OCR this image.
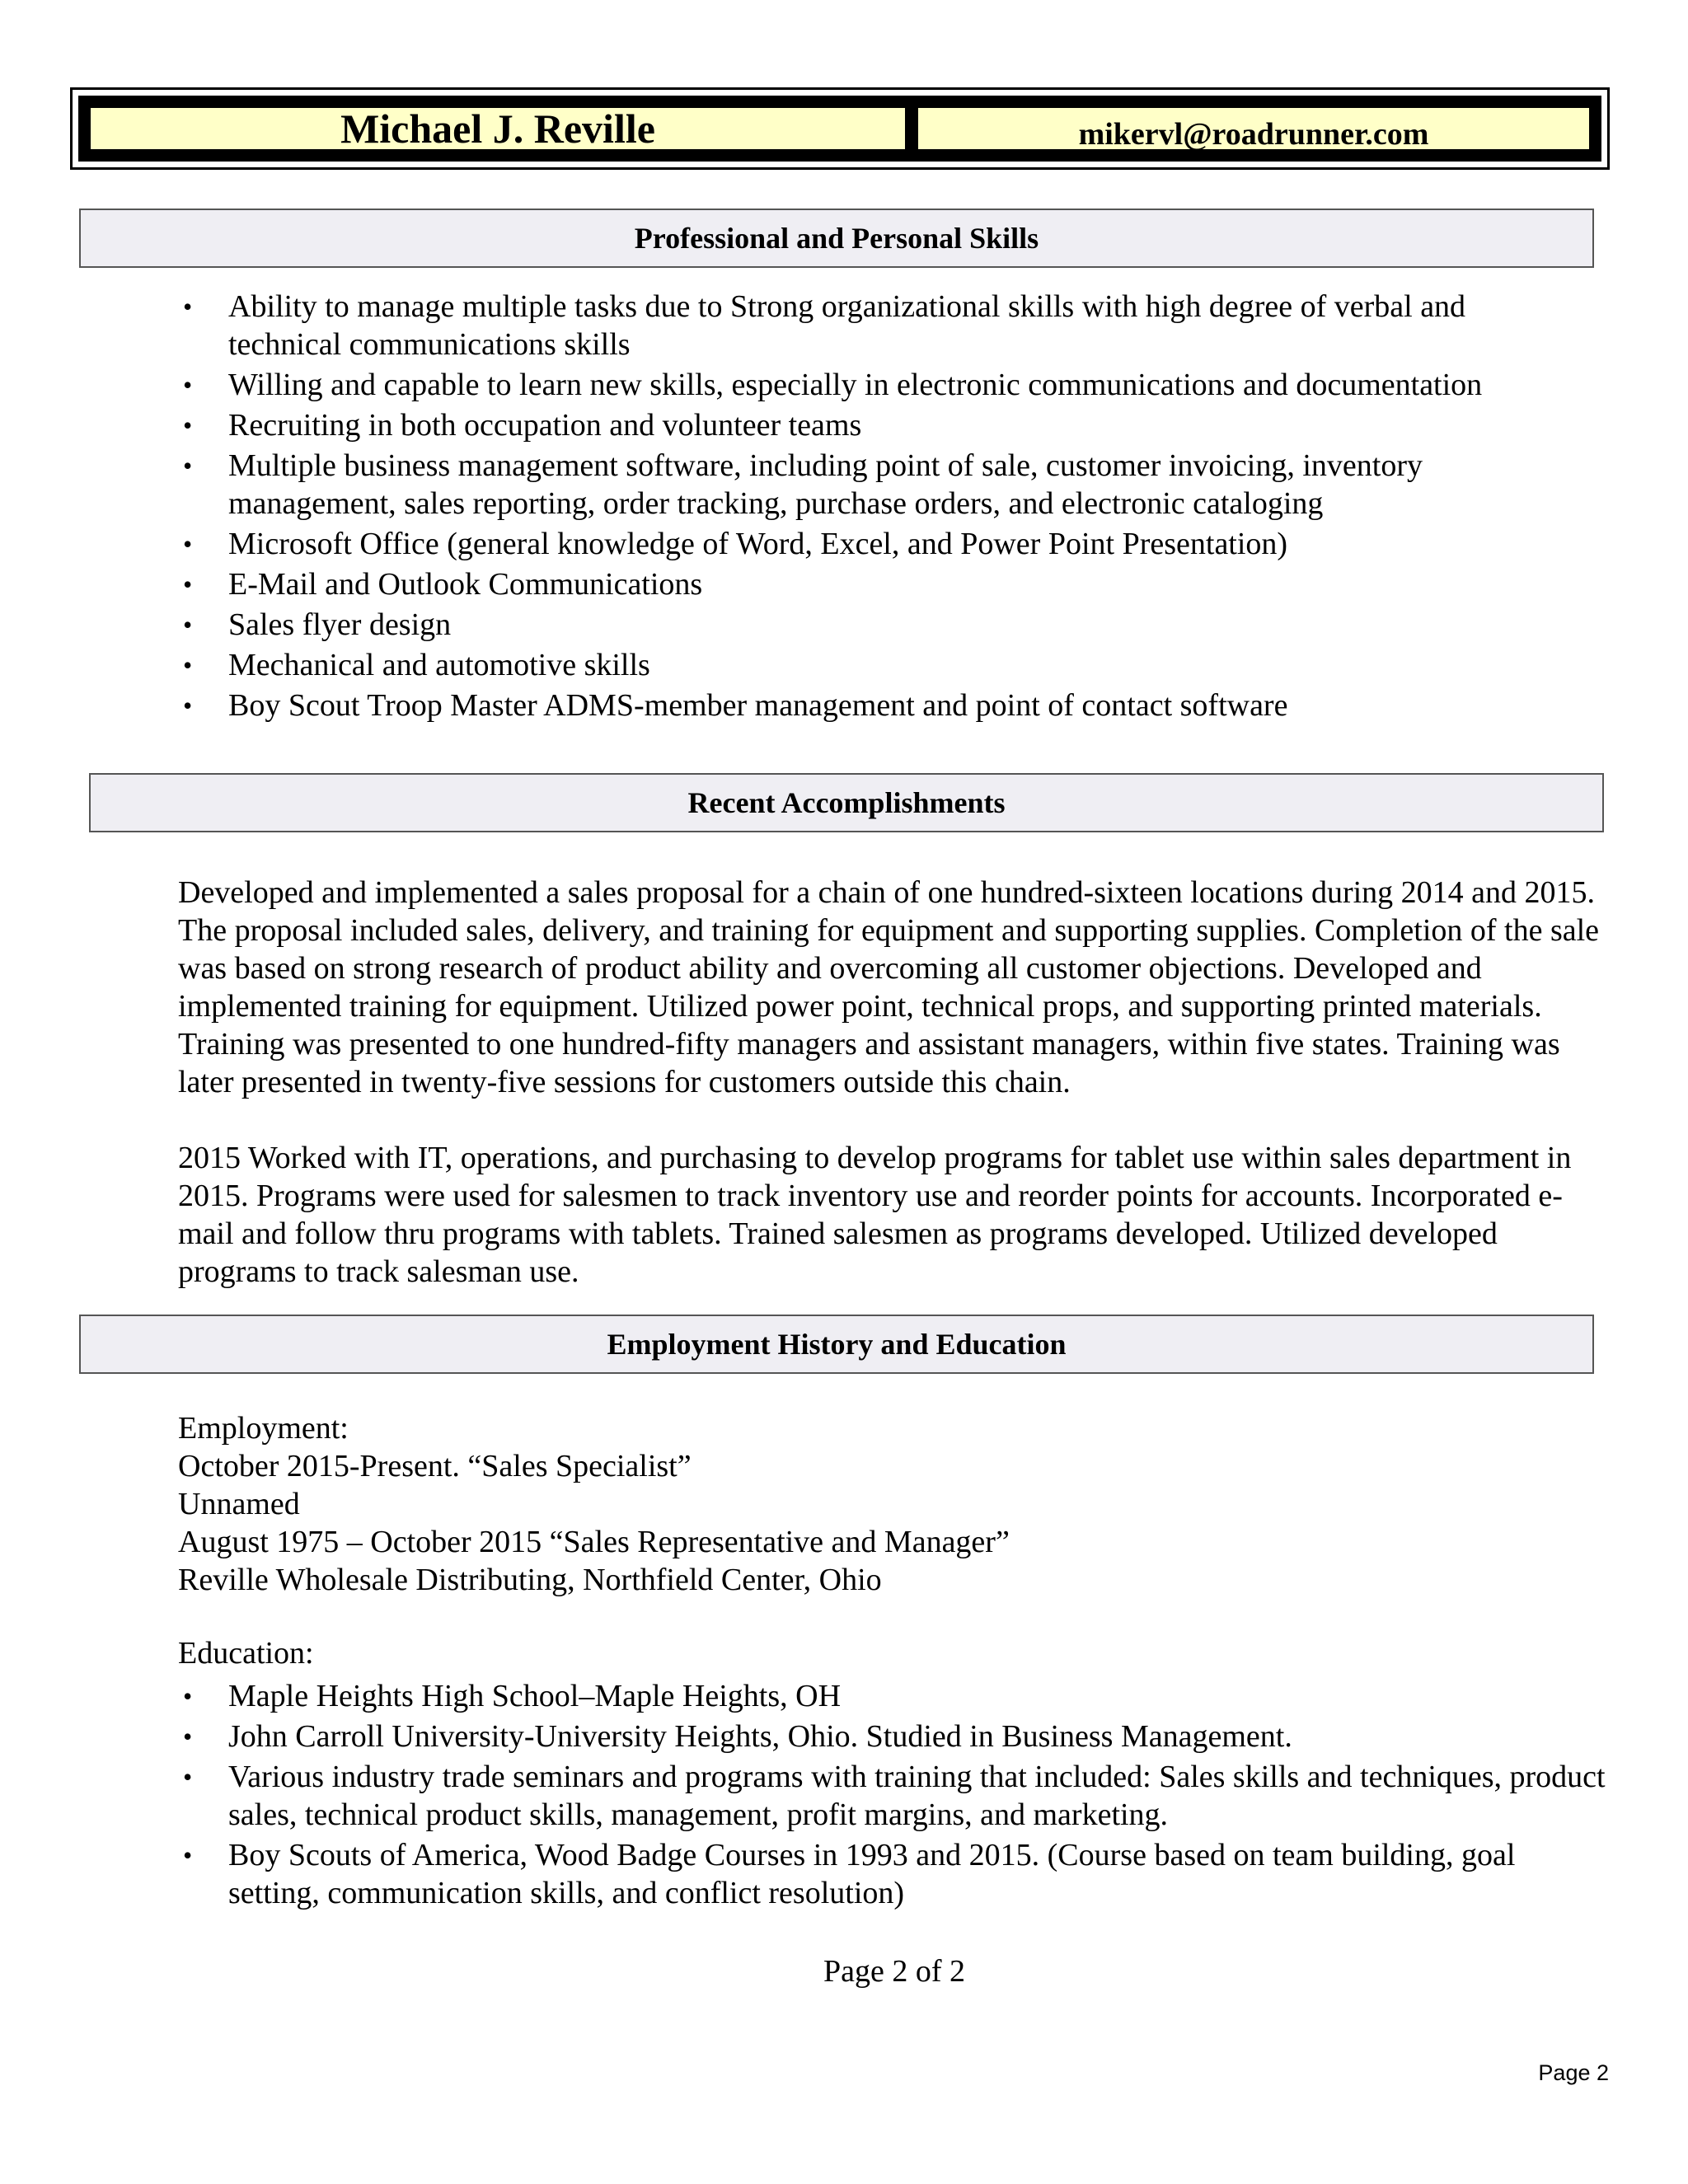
Michael J. Reville	mikervl@roadrunner.com
Professional and Personal Skills
• Ability to manage multiple tasks due to Strong organizational skills with high degree of verbal and technical communications skills
• Willing and capable to learn new skills, especially in electronic communications and documentation
• Recruiting in both occupation and volunteer teams
• Multiple business management software, including point of sale, customer invoicing, inventory management, sales reporting, order tracking, purchase orders, and electronic cataloging
• Microsoft Office (general knowledge of Word, Excel, and Power Point Presentation)
• E-Mail and Outlook Communications
• Sales flyer design
• Mechanical and automotive skills
• Boy Scout Troop Master ADMS-member management and point of contact software
Recent Accomplishments

Developed and implemented a sales proposal for a chain of one hundred-sixteen locations during 2014 and 2015. The proposal included sales, delivery, and training for equipment and supporting supplies. Completion of the sale was based on strong research of product ability and overcoming all customer objections. Developed and implemented training for equipment. Utilized power point, technical props, and supporting printed materials. Training was presented to one hundred-fifty managers and assistant managers, within five states. Training was later presented in twenty-five sessions for customers outside this chain.

2015 Worked with IT, operations, and purchasing to develop programs for tablet use within sales department in 2015. Programs were used for salesmen to track inventory use and reorder points for accounts. Incorporated e-mail and follow thru programs with tablets. Trained salesmen as programs developed. Utilized developed programs to track salesman use.

Employment History and Education
Employment:
October 2015-Present. “Sales Specialist”
Unnamed
August 1975 – October 2015 “Sales Representative and Manager”
Reville Wholesale Distributing, Northfield Center, Ohio
Education:
• Maple Heights High School–Maple Heights, OH
• John Carroll University-University Heights, Ohio. Studied in Business Management.
• Various industry trade seminars and programs with training that included: Sales skills and techniques, product sales, technical product skills, management, profit margins, and marketing.
• Boy Scouts of America, Wood Badge Courses in 1993 and 2015. (Course based on team building, goal setting, communication skills, and conflict resolution)
Page 2 of 2
Page 2
